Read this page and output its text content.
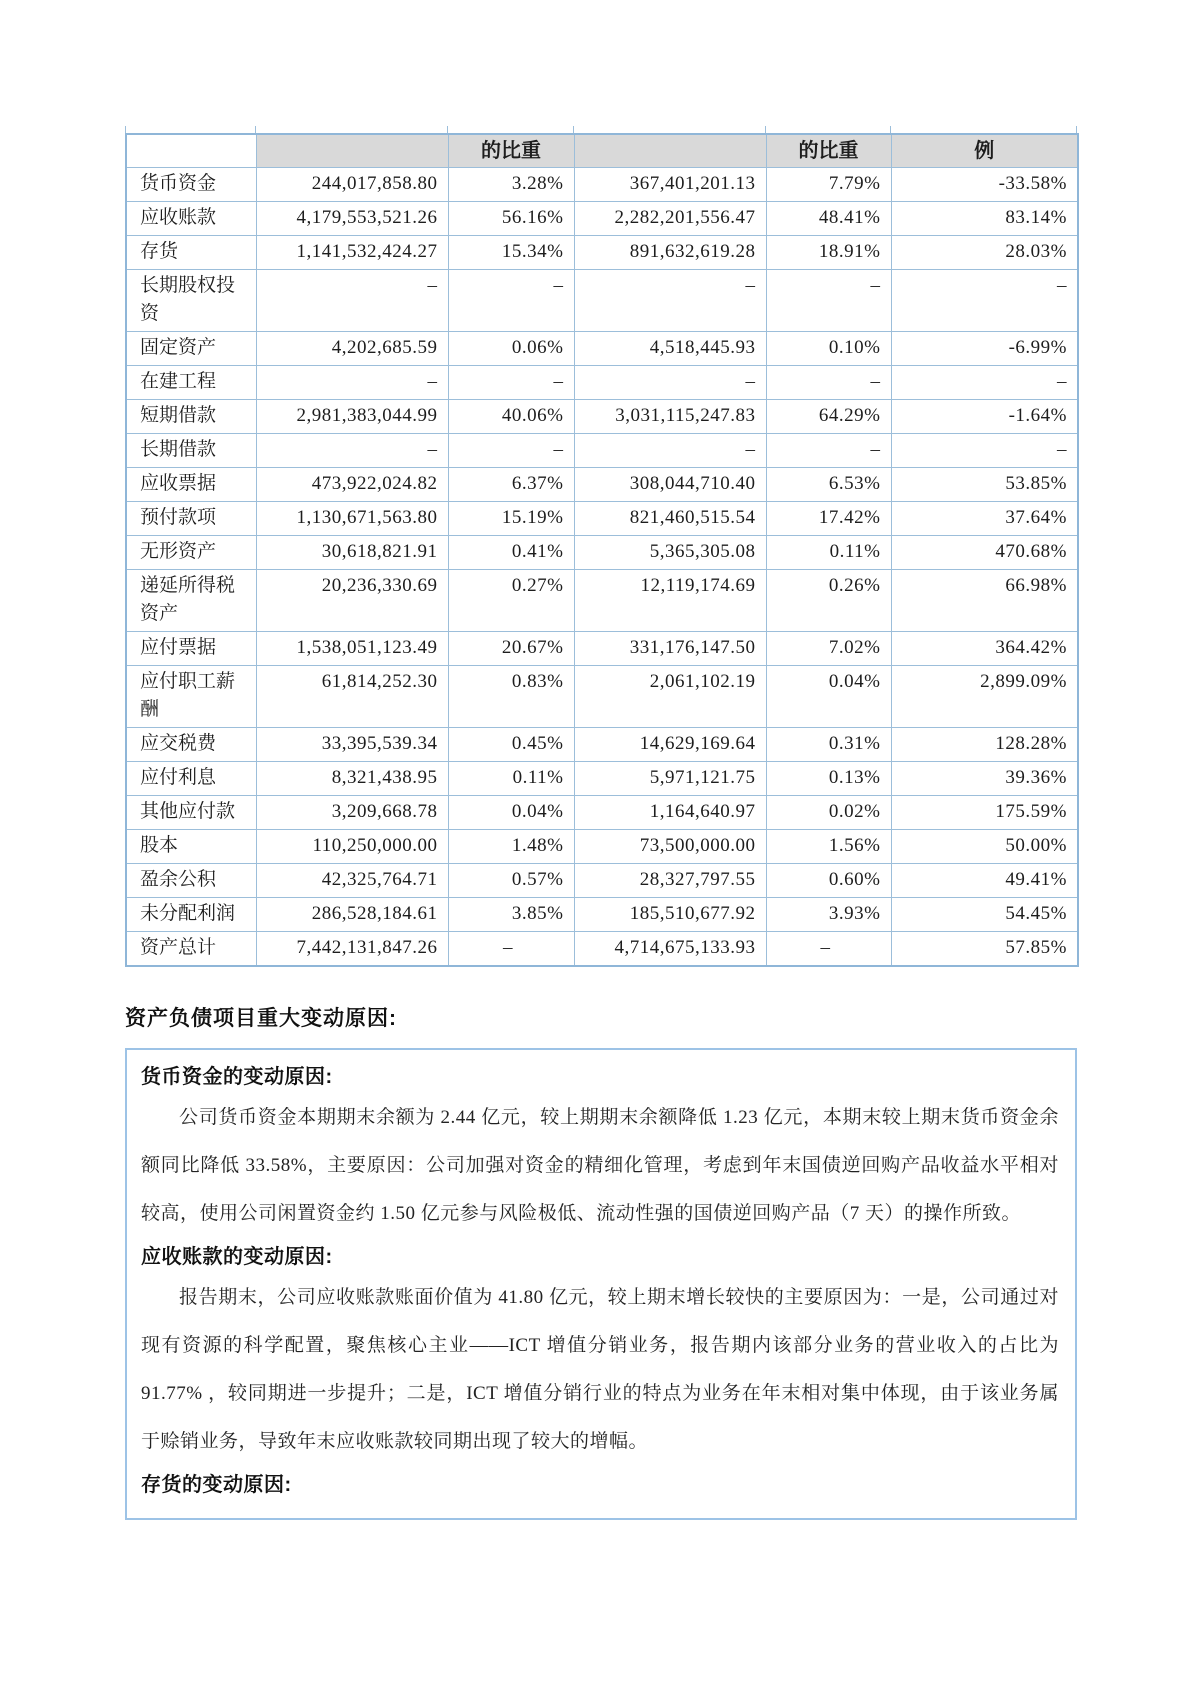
		的比重		的比重	例
货币资金	244,017,858.80	3.28%	367,401,201.13	7.79%	-33.58%
应收账款	4,179,553,521.26	56.16%	2,282,201,556.47	48.41%	83.14%
存货	1,141,532,424.27	15.34%	891,632,619.28	18.91%	28.03%
长期股权投资	–	–	–	–	–
固定资产	4,202,685.59	0.06%	4,518,445.93	0.10%	-6.99%
在建工程	–	–	–	–	–
短期借款	2,981,383,044.99	40.06%	3,031,115,247.83	64.29%	-1.64%
长期借款	–	–	–	–	–
应收票据	473,922,024.82	6.37%	308,044,710.40	6.53%	53.85%
预付款项	1,130,671,563.80	15.19%	821,460,515.54	17.42%	37.64%
无形资产	30,618,821.91	0.41%	5,365,305.08	0.11%	470.68%
递延所得税资产	20,236,330.69	0.27%	12,119,174.69	0.26%	66.98%
应付票据	1,538,051,123.49	20.67%	331,176,147.50	7.02%	364.42%
应付职工薪酬	61,814,252.30	0.83%	2,061,102.19	0.04%	2,899.09%
应交税费	33,395,539.34	0.45%	14,629,169.64	0.31%	128.28%
应付利息	8,321,438.95	0.11%	5,971,121.75	0.13%	39.36%
其他应付款	3,209,668.78	0.04%	1,164,640.97	0.02%	175.59%
股本	110,250,000.00	1.48%	73,500,000.00	1.56%	50.00%
盈余公积	42,325,764.71	0.57%	28,327,797.55	0.60%	49.41%
未分配利润	286,528,184.61	3.85%	185,510,677.92	3.93%	54.45%
资产总计	7,442,131,847.26	–	4,714,675,133.93	–	57.85%
资产负债项目重大变动原因:
货币资金的变动原因:
公司货币资金本期期末余额为 2.44 亿元，较上期期末余额降低 1.23 亿元，本期末较上期末货币资金余额同比降低 33.58%，主要原因：公司加强对资金的精细化管理，考虑到年末国债逆回购产品收益水平相对较高，使用公司闲置资金约 1.50 亿元参与风险极低、流动性强的国债逆回购产品（7 天）的操作所致。
应收账款的变动原因:
报告期末，公司应收账款账面价值为 41.80 亿元，较上期末增长较快的主要原因为：一是，公司通过对现有资源的科学配置，聚焦核心主业——ICT 增值分销业务，报告期内该部分业务的营业收入的占比为 91.77% ，较同期进一步提升；二是，ICT 增值分销行业的特点为业务在年末相对集中体现，由于该业务属于赊销业务，导致年末应收账款较同期出现了较大的增幅。
存货的变动原因:
